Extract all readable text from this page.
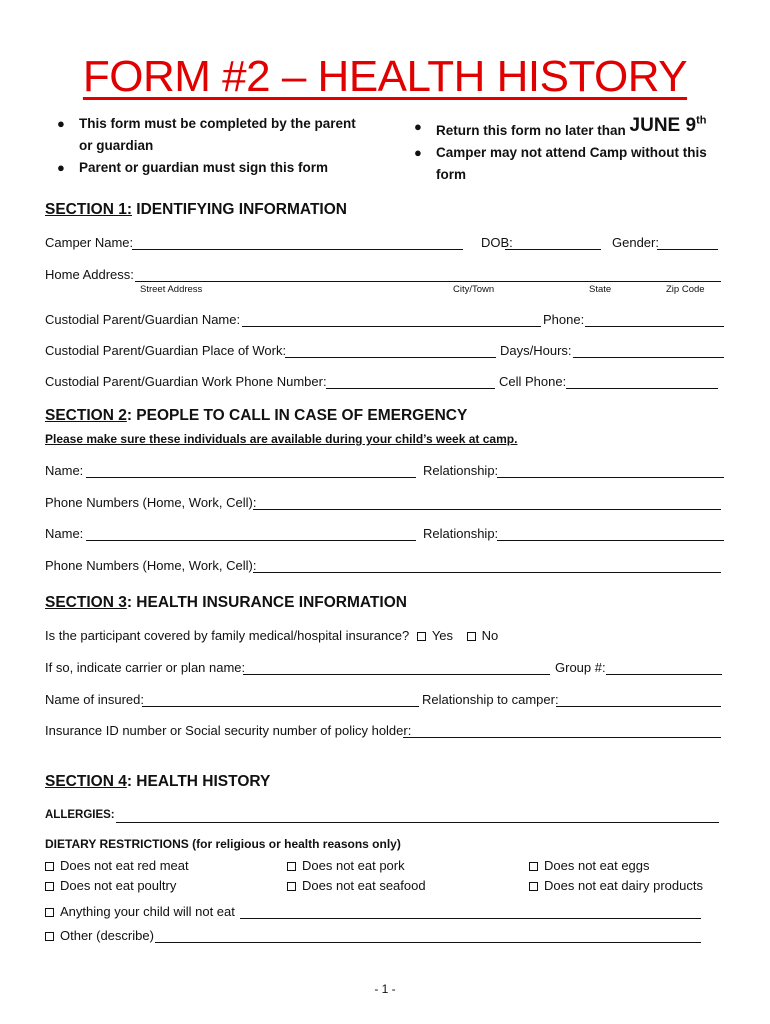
FORM #2 – HEALTH HISTORY
● This form must be completed by the parent
or guardian
● Parent or guardian must sign this form
● Return this form no later than JUNE 9th
● Camper may not attend Camp without this
form
SECTION 1: IDENTIFYING INFORMATION
Camper Name:	DOB:	Gender:
Home Address:
Street Address	City/Town	State	Zip Code
Custodial Parent/Guardian Name:	Phone:
Custodial Parent/Guardian Place of Work:	Days/Hours:
Custodial Parent/Guardian Work Phone Number:	Cell Phone:
SECTION 2: PEOPLE TO CALL IN CASE OF EMERGENCY
Please make sure these individuals are available during your child’s week at camp.
Name:	Relationship:
Phone Numbers (Home, Work, Cell):
Name:	Relationship:
Phone Numbers (Home, Work, Cell):
SECTION 3: HEALTH INSURANCE INFORMATION
Is the participant covered by family medical/hospital insurance? Yes No
If so, indicate carrier or plan name:	Group #:
Name of insured:	Relationship to camper:
Insurance ID number or Social security number of policy holder:
SECTION 4: HEALTH HISTORY
ALLERGIES:
DIETARY RESTRICTIONS (for religious or health reasons only)
Does not eat red meat	Does not eat pork	Does not eat eggs
Does not eat poultry	Does not eat seafood	Does not eat dairy products
Anything your child will not eat
Other (describe)
- 1 -
